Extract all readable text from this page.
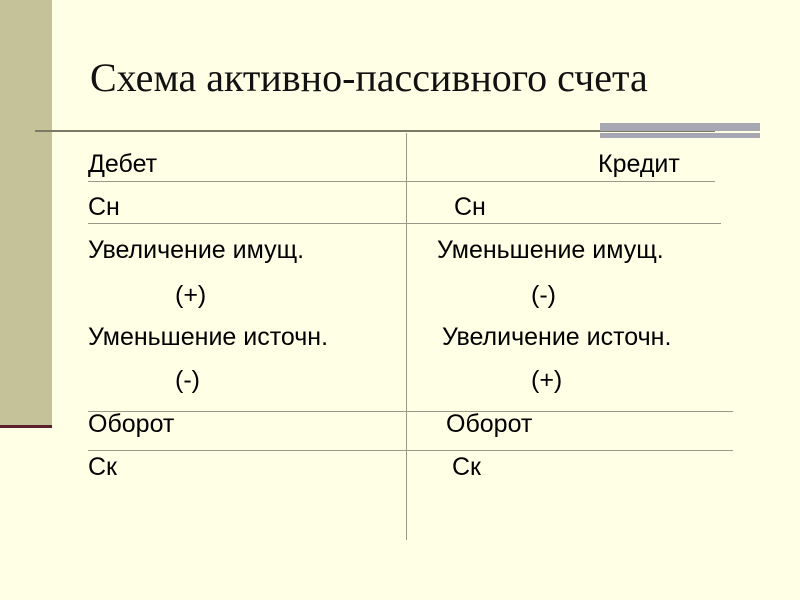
Схема активно-пассивного счета
Дебет
Сн
Увеличение имущ.
(+)
Уменьшение источн.
(-)
Оборот
Ск
Кредит
Сн
Уменьшение имущ.
(-)
Увеличение источн.
(+)
Оборот
Ск
